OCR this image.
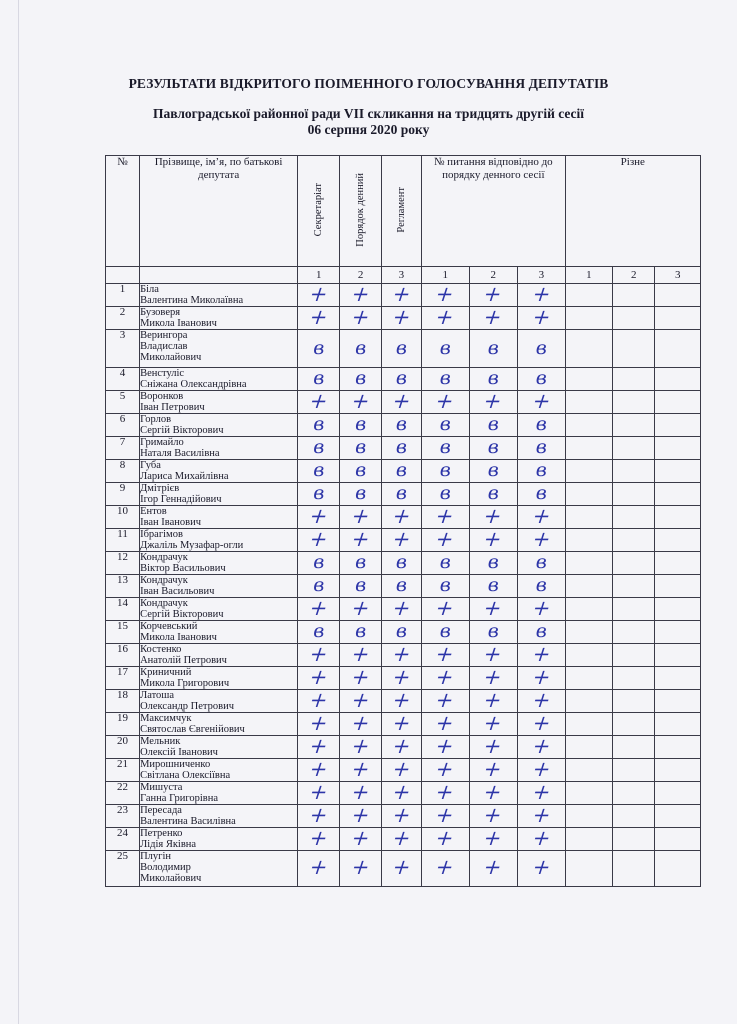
РЕЗУЛЬТАТИ ВІДКРИТОГО ПОІМЕННОГО ГОЛОСУВАННЯ ДЕПУТАТІВ
Павлоградської районної ради VII скликання на тридцять другій сесії
06 серпня 2020 року
№	Прізвище, ім’я, по батькові депутата	Секретаріат	Порядок денний	Регламент	№ питання відповідно до порядку денного сесії			Різне		
		1	2	3	1	2	3	1	2	3
1	Біла
Валентина Миколаївна	+	+	+	+	+	+			
2	Бузоверя
Микола Іванович	+	+	+	+	+	+			
3	Верингора
Владислав
Миколайович	в	в	в	в	в	в			
4	Венстуліс
Сніжана Олександрівна	в	в	в	в	в	в			
5	Воронков
Іван Петрович	+	+	+	+	+	+			
6	Горлов
Сергій Вікторович	в	в	в	в	в	в			
7	Гримайло
Наталя Василівна	в	в	в	в	в	в			
8	Губа
Лариса Михайлівна	в	в	в	в	в	в			
9	Дмітрієв
Ігор Геннадійович	в	в	в	в	в	в			
10	Ентов
Іван Іванович	+	+	+	+	+	+			
11	Ібрагімов
Джаліль Музафар-огли	+	+	+	+	+	+			
12	Кондрачук
Віктор Васильович	в	в	в	в	в	в			
13	Кондрачук
Іван Васильович	в	в	в	в	в	в			
14	Кондрачук
Сергій Вікторович	+	+	+	+	+	+			
15	Корчевський
Микола Іванович	в	в	в	в	в	в			
16	Костенко
Анатолій Петрович	+	+	+	+	+	+			
17	Криничний
Микола Григорович	+	+	+	+	+	+			
18	Латоша
Олександр Петрович	+	+	+	+	+	+			
19	Максимчук
Святослав Євгенійович	+	+	+	+	+	+			
20	Мельник
Олексій Іванович	+	+	+	+	+	+			
21	Мирошниченко
Світлана Олексіївна	+	+	+	+	+	+			
22	Мишуста
Ганна Григорівна	+	+	+	+	+	+			
23	Пересада
Валентина Василівна	+	+	+	+	+	+			
24	Петренко
Лідія Яківна	+	+	+	+	+	+			
25	Плугін
Володимир
Миколайович	+	+	+	+	+	+			
